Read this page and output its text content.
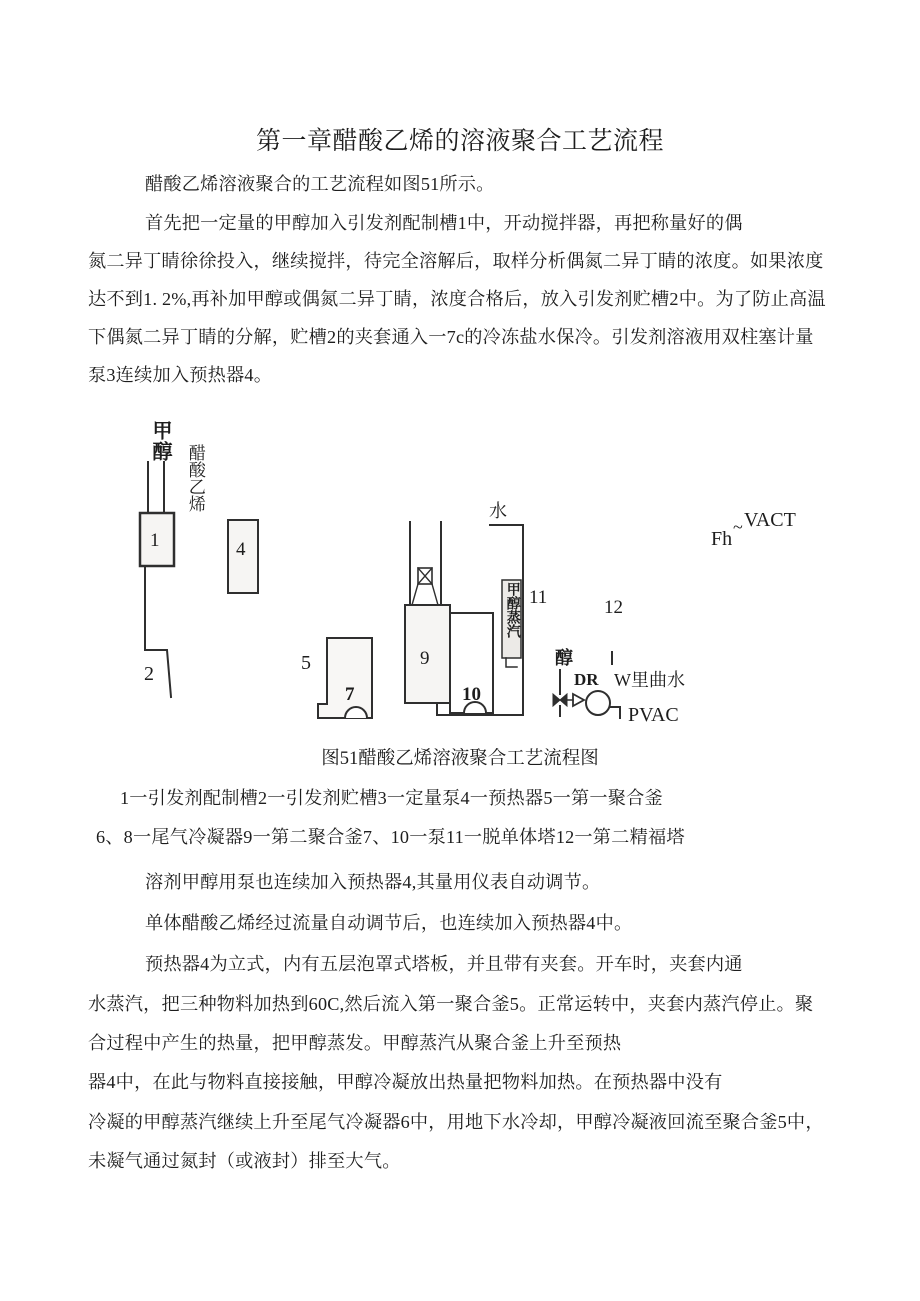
第一章醋酸乙烯的溶液聚合工艺流程
醋酸乙烯溶液聚合的工艺流程如图51所示。
首先把一定量的甲醇加入引发剂配制槽1中，开动搅拌器，再把称量好的偶
氮二异丁睛徐徐投入，继续搅拌，待完全溶解后，取样分析偶氮二异丁睛的浓度。如果浓度
达不到1. 2%,再补加甲醇或偶氮二异丁睛，浓度合格后，放入引发剂贮槽2中。为了防止高温
下偶氮二异丁睛的分解，贮槽2的夹套通入一7c的冷冻盐水保冷。引发剂溶液用双柱塞计量
泵3连续加入预热器4。
图51醋酸乙烯溶液聚合工艺流程图
1一引发剂配制槽2一引发剂贮槽3一定量泵4一预热器5一第一聚合釜
6、8一尾气冷凝器9一第二聚合釜7、10一泵11一脱单体塔12一第二精福塔
溶剂甲醇用泵也连续加入预热器4,其量用仪表自动调节。
单体醋酸乙烯经过流量自动调节后，也连续加入预热器4中。
预热器4为立式，内有五层泡罩式塔板，并且带有夹套。开车时，夹套内通
水蒸汽，把三种物料加热到60C,然后流入第一聚合釜5。正常运转中，夹套内蒸汽停止。聚
合过程中产生的热量，把甲醇蒸发。甲醇蒸汽从聚合釜上升至预热
器4中，在此与物料直接接触，甲醇冷凝放出热量把物料加热。在预热器中没有
冷凝的甲醇蒸汽继续上升至尾气冷凝器6中，用地下水冷却，甲醇冷凝液回流至聚合釜5中，
未凝气通过氮封（或液封）排至大气。
甲醇
醋酸乙烯	水
甲醇蒸汽
醇
DR W里曲水
PVAC
Fh
~ VACT
1
2
4
5
7
9
10
11	12
